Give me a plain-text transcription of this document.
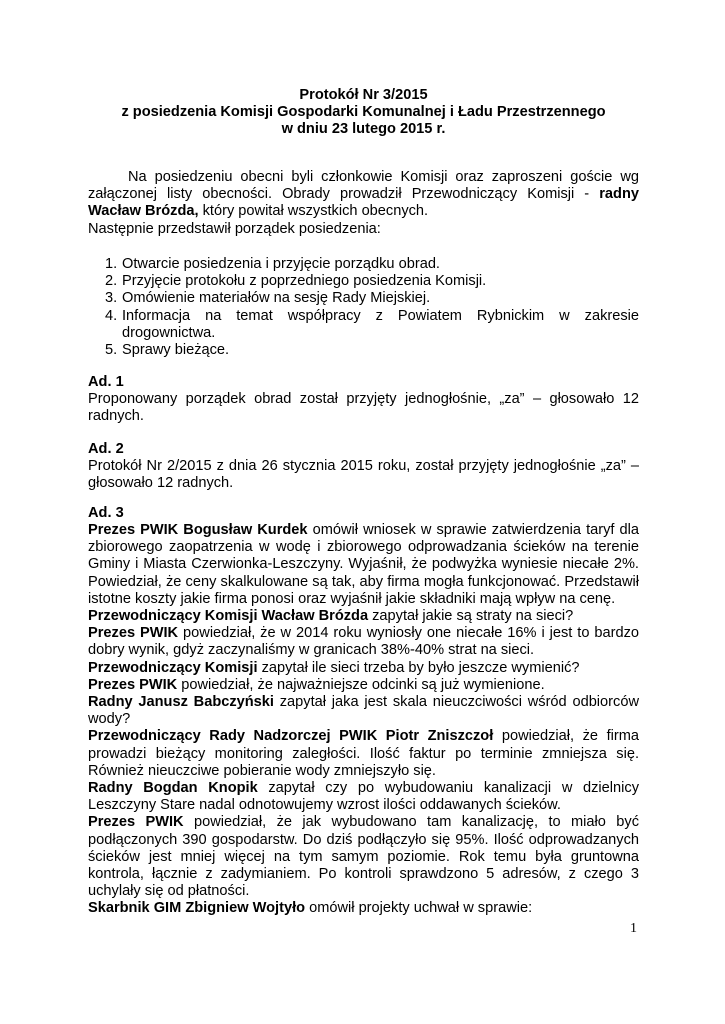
Protokół Nr 3/2015
z posiedzenia Komisji Gospodarki Komunalnej i Ładu Przestrzennego
w dniu 23 lutego 2015 r.
Na posiedzeniu obecni byli członkowie Komisji oraz zaproszeni goście wg załączonej listy obecności. Obrady prowadził Przewodniczący Komisji - radny Wacław Brózda, który powitał wszystkich obecnych.
Następnie przedstawił porządek posiedzenia:
1. Otwarcie posiedzenia i przyjęcie porządku obrad.
2. Przyjęcie protokołu z poprzedniego posiedzenia Komisji.
3. Omówienie materiałów na sesję Rady Miejskiej.
4. Informacja na temat współpracy z Powiatem Rybnickim w zakresie drogownictwa.
5. Sprawy bieżące.
Ad. 1
Proponowany porządek obrad został przyjęty jednogłośnie, „za” – głosowało 12 radnych.
Ad. 2
Protokół Nr 2/2015 z dnia 26 stycznia 2015 roku, został przyjęty jednogłośnie „za” – głosowało 12 radnych.
Ad. 3
Prezes PWIK Bogusław Kurdek omówił wniosek w sprawie zatwierdzenia taryf dla zbiorowego zaopatrzenia w wodę i zbiorowego odprowadzania ścieków na terenie Gminy i Miasta Czerwionka-Leszczyny. Wyjaśnił, że podwyżka wyniesie niecałe 2%. Powiedział, że ceny skalkulowane są tak, aby firma mogła funkcjonować. Przedstawił istotne koszty jakie firma ponosi oraz wyjaśnił jakie składniki mają wpływ na cenę.
Przewodniczący Komisji Wacław Brózda zapytał jakie są straty na sieci?
Prezes PWIK powiedział, że w 2014 roku wyniosły one niecałe 16% i jest to bardzo dobry wynik, gdyż zaczynaliśmy w granicach 38%-40% strat na sieci.
Przewodniczący Komisji zapytał ile sieci trzeba by było jeszcze wymienić?
Prezes PWIK powiedział, że najważniejsze odcinki są już wymienione.
Radny Janusz Babczyński zapytał jaka jest skala nieuczciwości wśród odbiorców wody?
Przewodniczący Rady Nadzorczej PWIK Piotr Zniszczoł powiedział, że firma prowadzi bieżący monitoring zaległości. Ilość faktur po terminie zmniejsza się. Również nieuczciwe pobieranie wody zmniejszyło się.
Radny Bogdan Knopik zapytał czy po wybudowaniu kanalizacji w dzielnicy Leszczyny Stare nadal odnotowujemy wzrost ilości oddawanych ścieków.
Prezes PWIK powiedział, że jak wybudowano tam kanalizację, to miało być podłączonych 390 gospodarstw. Do dziś podłączyło się 95%. Ilość odprowadzanych ścieków jest mniej więcej na tym samym poziomie. Rok temu była gruntowna kontrola, łącznie z zadymianiem. Po kontroli sprawdzono 5 adresów, z czego 3 uchylały się od płatności.
Skarbnik GIM Zbigniew Wojtyło omówił projekty uchwał w sprawie:
1
